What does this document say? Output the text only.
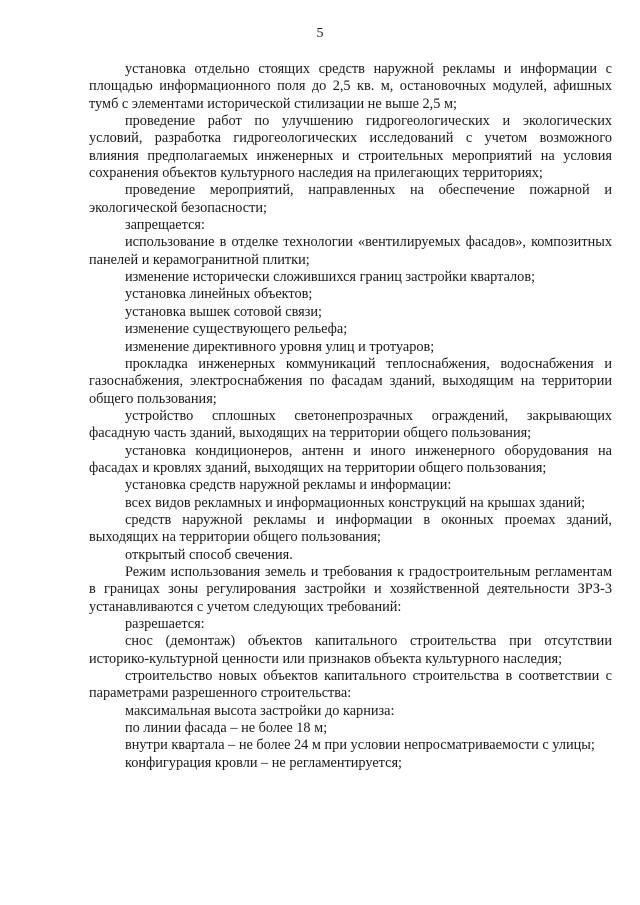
5

установка отдельно стоящих средств наружной рекламы и информации с площадью информационного поля до 2,5 кв. м, остановочных модулей, афишных тумб с элементами исторической стилизации не выше 2,5 м;

проведение работ по улучшению гидрогеологических и экологических условий, разработка гидрогеологических исследований с учетом возможного влияния предполагаемых инженерных и строительных мероприятий на условия сохранения объектов культурного наследия на прилегающих территориях;

проведение мероприятий, направленных на обеспечение пожарной и экологической безопасности;

запрещается:

использование в отделке технологии «вентилируемых фасадов», композитных панелей и керамогранитной плитки;

изменение исторически сложившихся границ застройки кварталов;

установка линейных объектов;

установка вышек сотовой связи;

изменение существующего рельефа;

изменение директивного уровня улиц и тротуаров;

прокладка инженерных коммуникаций теплоснабжения, водоснабжения и газоснабжения, электроснабжения по фасадам зданий, выходящим на территории общего пользования;

устройство сплошных светонепрозрачных ограждений, закрывающих фасадную часть зданий, выходящих на территории общего пользования;

установка кондиционеров, антенн и иного инженерного оборудования на фасадах и кровлях зданий, выходящих на территории общего пользования;

установка средств наружной рекламы и информации:

всех видов рекламных и информационных конструкций на крышах зданий;

средств наружной рекламы и информации в оконных проемах зданий, выходящих на территории общего пользования;

открытый способ свечения.

Режим использования земель и требования к градостроительным регламентам в границах зоны регулирования застройки и хозяйственной деятельности ЗРЗ-3 устанавливаются с учетом следующих требований:

разрешается:

снос (демонтаж) объектов капитального строительства при отсутствии историко-культурной ценности или признаков объекта культурного наследия;

строительство новых объектов капитального строительства в соответствии с параметрами разрешенного строительства:

максимальная высота застройки до карниза:

по линии фасада – не более 18 м;

внутри квартала – не более 24 м при условии непросматриваемости с улицы;

конфигурация кровли – не регламентируется;
